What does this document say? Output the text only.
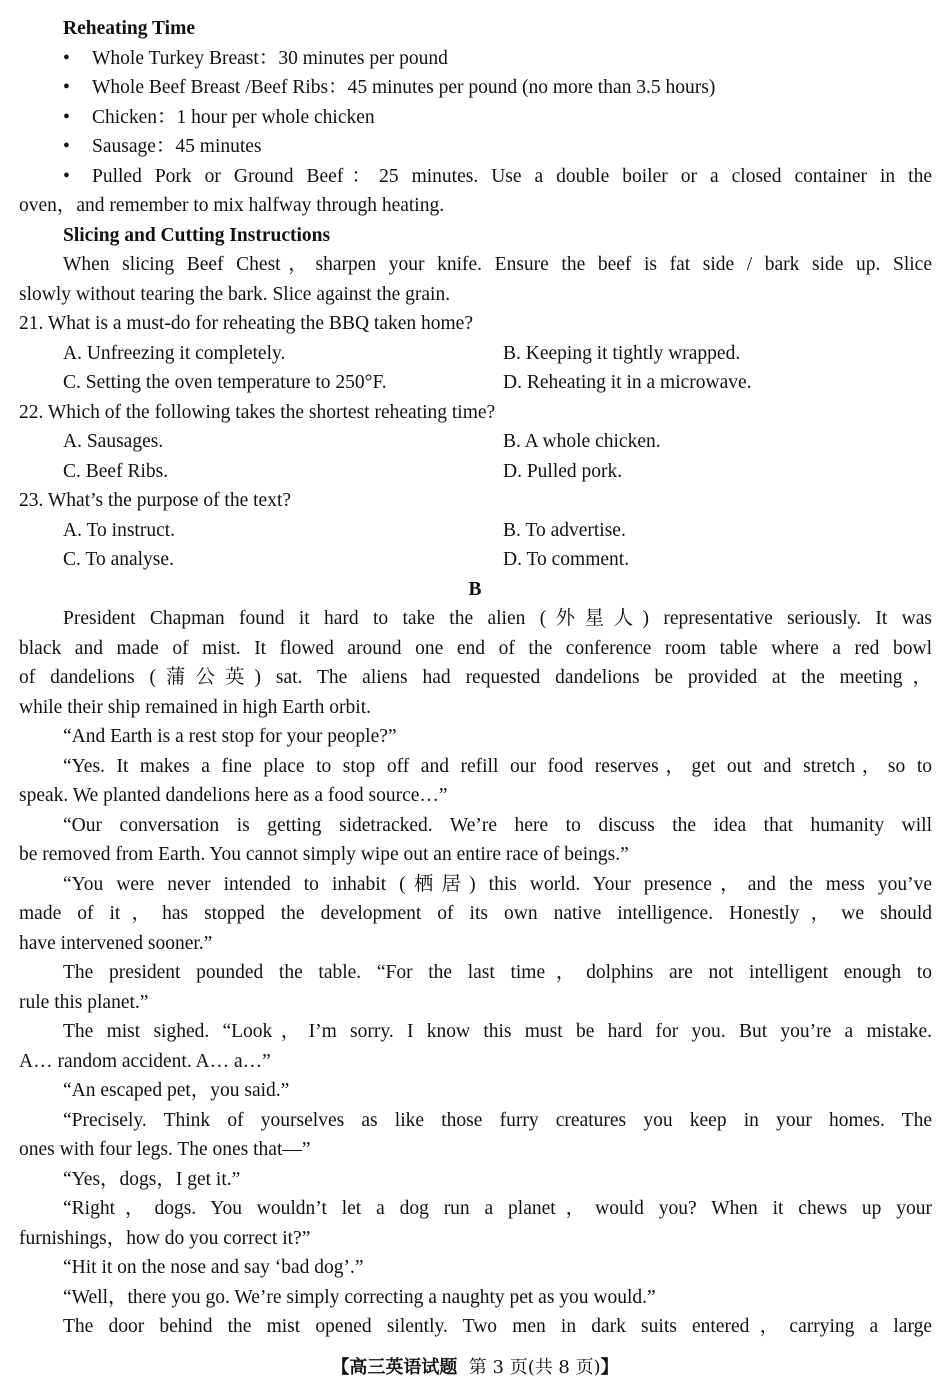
Reheating Time
• Whole Turkey Breast：30 minutes per pound
• Whole Beef Breast /Beef Ribs：45 minutes per pound (no more than 3.5 hours)
• Chicken：1 hour per whole chicken
• Sausage：45 minutes
• Pulled Pork or Ground Beef：25 minutes. Use a double boiler or a closed container in the
oven，and remember to mix halfway through heating.
Slicing and Cutting Instructions
When slicing Beef Chest，sharpen your knife. Ensure the beef is fat side / bark side up. Slice
slowly without tearing the bark. Slice against the grain.
21. What is a must-do for reheating the BBQ taken home?
A. Unfreezing it completely.	B. Keeping it tightly wrapped.
C. Setting the oven temperature to 250°F.	D. Reheating it in a microwave.
22. Which of the following takes the shortest reheating time?
A. Sausages.	B. A whole chicken.
C. Beef Ribs.	D. Pulled pork.
23. What’s the purpose of the text?
A. To instruct.	B. To advertise.
C. To analyse.	D. To comment.
B
President Chapman found it hard to take the alien (外星人) representative seriously. It was
black and made of mist. It flowed around one end of the conference room table where a red bowl
of dandelions (蒲公英) sat. The aliens had requested dandelions be provided at the meeting，
while their ship remained in high Earth orbit.
“And Earth is a rest stop for your people?”
“Yes. It makes a fine place to stop off and refill our food reserves，get out and stretch，so to
speak. We planted dandelions here as a food source…”
“Our conversation is getting sidetracked. We’re here to discuss the idea that humanity will
be removed from Earth. You cannot simply wipe out an entire race of beings.”
“You were never intended to inhabit (栖居) this world. Your presence，and the mess you’ve
made of it，has stopped the development of its own native intelligence. Honestly，we should
have intervened sooner.”
The president pounded the table. “For the last time，dolphins are not intelligent enough to
rule this planet.”
The mist sighed. “Look，I’m sorry. I know this must be hard for you. But you’re a mistake.
A… random accident. A… a…”
“An escaped pet，you said.”
“Precisely. Think of yourselves as like those furry creatures you keep in your homes. The
ones with four legs. The ones that—”
“Yes，dogs，I get it.”
“Right，dogs. You wouldn’t let a dog run a planet，would you? When it chews up your
furnishings，how do you correct it?”
“Hit it on the nose and say ‘bad dog’.”
“Well，there you go. We’re simply correcting a naughty pet as you would.”
The door behind the mist opened silently. Two men in dark suits entered，carrying a large
【高三英语试题 第 3 页(共 8 页)】
